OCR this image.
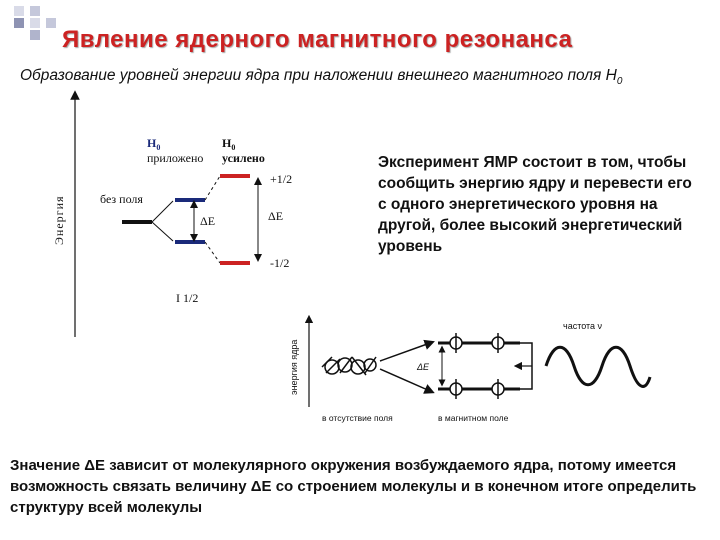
Явление ядерного магнитного резонанса
Образование уровней энергии ядра при наложении внешнего магнитного поля $H_0$
Энергия
$H_0$
приложено
$H_0$
усилено
без поля
ΔE	ΔE
+1/2
-1/2
I 1/2
Эксперимент ЯМР состоит в том, чтобы сообщить энергию ядру и перевести его с одного энергетического уровня на другой, более высокий энергетический уровень
энергия ядра	ΔE
частота ν
в отсутствие поля	в магнитном поле
Значение ΔE зависит от молекулярного окружения возбуждаемого ядра, потому имеется возможность связать величину ΔE со строением молекулы и в конечном итоге определить структуру всей молекулы
